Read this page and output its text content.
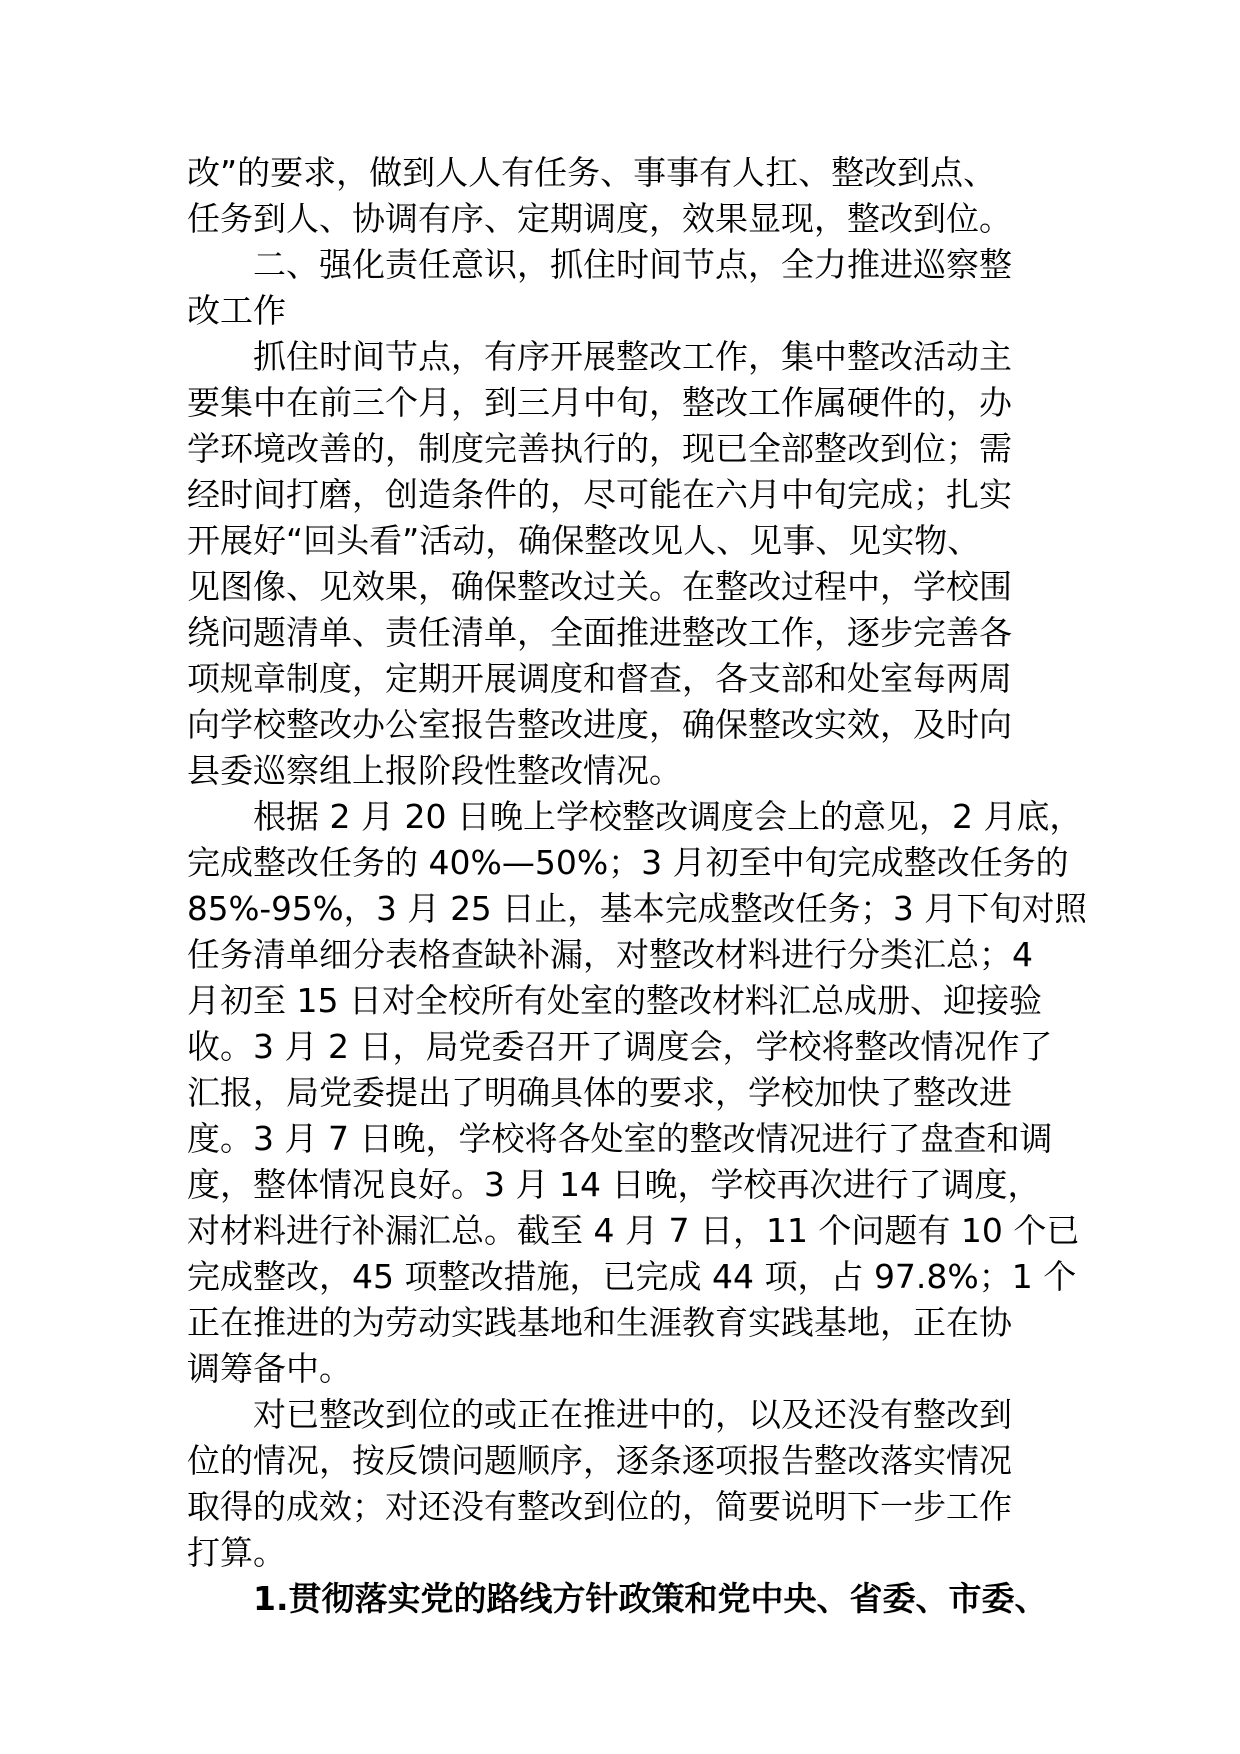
改”的要求，做到人人有任务、事事有人扛、整改到点、
任务到人、协调有序、定期调度，效果显现，整改到位。
二、强化责任意识，抓住时间节点，全力推进巡察整
改工作
抓住时间节点，有序开展整改工作，集中整改活动主
要集中在前三个月，到三月中旬，整改工作属硬件的，办
学环境改善的，制度完善执行的，现已全部整改到位；需
经时间打磨，创造条件的，尽可能在六月中旬完成；扎实
开展好“回头看”活动，确保整改见人、见事、见实物、
见图像、见效果，确保整改过关。在整改过程中，学校围
绕问题清单、责任清单，全面推进整改工作，逐步完善各
项规章制度，定期开展调度和督查，各支部和处室每两周
向学校整改办公室报告整改进度，确保整改实效，及时向
县委巡察组上报阶段性整改情况。
根据 2 月 20 日晚上学校整改调度会上的意见，2 月底，
完成整改任务的 40%—50%；3 月初至中旬完成整改任务的
85%-95%，3 月 25 日止，基本完成整改任务；3 月下旬对照
任务清单细分表格查缺补漏，对整改材料进行分类汇总；4
月初至 15 日对全校所有处室的整改材料汇总成册、迎接验
收。3 月 2 日，局党委召开了调度会，学校将整改情况作了
汇报，局党委提出了明确具体的要求，学校加快了整改进
度。3 月 7 日晚，学校将各处室的整改情况进行了盘查和调
度，整体情况良好。3 月 14 日晚，学校再次进行了调度，
对材料进行补漏汇总。截至 4 月 7 日，11 个问题有 10 个已
完成整改，45 项整改措施，已完成 44 项，占 97.8%；1 个
正在推进的为劳动实践基地和生涯教育实践基地，正在协
调筹备中。
对已整改到位的或正在推进中的，以及还没有整改到
位的情况，按反馈问题顺序，逐条逐项报告整改落实情况
取得的成效；对还没有整改到位的，简要说明下一步工作
打算。
1.贯彻落实党的路线方针政策和党中央、省委、市委、
